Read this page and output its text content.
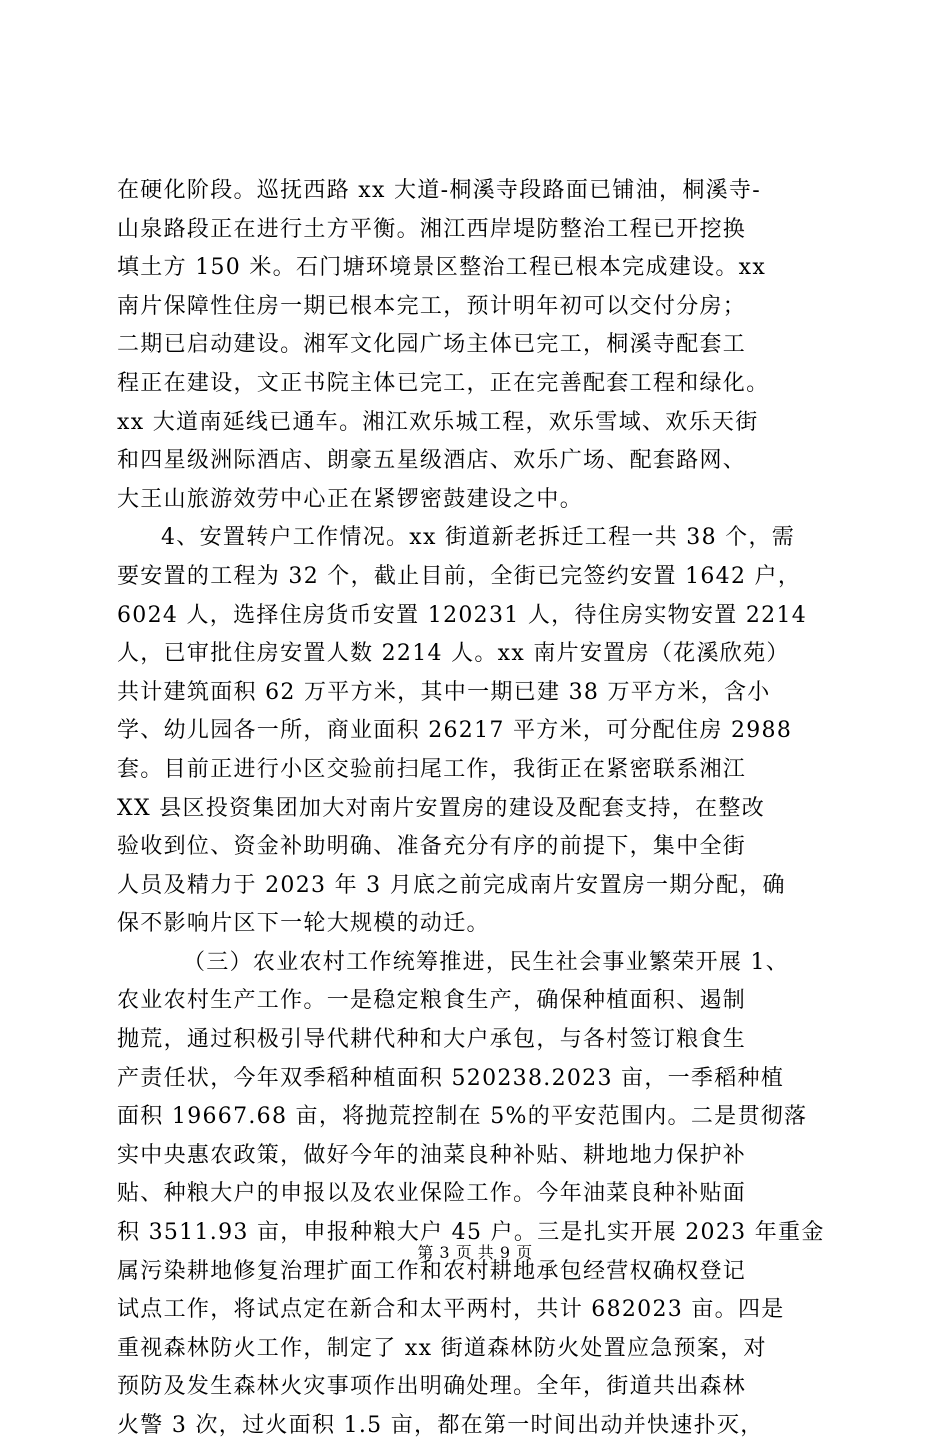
在硬化阶段。巡抚西路 xx 大道-桐溪寺段路面已铺油，桐溪寺-
山泉路段正在进行土方平衡。湘江西岸堤防整治工程已开挖换
填土方 150 米。石门塘环境景区整治工程已根本完成建设。xx
南片保障性住房一期已根本完工，预计明年初可以交付分房；
二期已启动建设。湘军文化园广场主体已完工，桐溪寺配套工
程正在建设，文正书院主体已完工，正在完善配套工程和绿化。
xx 大道南延线已通车。湘江欢乐城工程，欢乐雪域、欢乐天街
和四星级洲际酒店、朗豪五星级酒店、欢乐广场、配套路网、
大王山旅游效劳中心正在紧锣密鼓建设之中。
4、安置转户工作情况。xx 街道新老拆迁工程一共 38 个，需
要安置的工程为 32 个，截止目前，全街已完签约安置 1642 户，
6024 人，选择住房货币安置 120231 人，待住房实物安置 2214
人，已审批住房安置人数 2214 人。xx 南片安置房（花溪欣苑）
共计建筑面积 62 万平方米，其中一期已建 38 万平方米，含小
学、幼儿园各一所，商业面积 26217 平方米，可分配住房 2988
套。目前正进行小区交验前扫尾工作，我街正在紧密联系湘江
XX 县区投资集团加大对南片安置房的建设及配套支持，在整改
验收到位、资金补助明确、准备充分有序的前提下，集中全街
人员及精力于 2023 年 3 月底之前完成南片安置房一期分配，确
保不影响片区下一轮大规模的动迁。
（三）农业农村工作统筹推进，民生社会事业繁荣开展 1、
农业农村生产工作。一是稳定粮食生产，确保种植面积、遏制
抛荒，通过积极引导代耕代种和大户承包，与各村签订粮食生
产责任状，今年双季稻种植面积 520238.2023 亩，一季稻种植
面积 19667.68 亩，将抛荒控制在 5%的平安范围内。二是贯彻落
实中央惠农政策，做好今年的油菜良种补贴、耕地地力保护补
贴、种粮大户的申报以及农业保险工作。今年油菜良种补贴面
积 3511.93 亩，申报种粮大户 45 户。三是扎实开展 2023 年重金
属污染耕地修复治理扩面工作和农村耕地承包经营权确权登记
试点工作，将试点定在新合和太平两村，共计 682023 亩。四是
重视森林防火工作，制定了 xx 街道森林防火处置应急预案，对
预防及发生森林火灾事项作出明确处理。全年，街道共出森林
火警 3 次，过火面积 1.5 亩，都在第一时间出动并快速扑灭，
第 3 页 共 9 页
